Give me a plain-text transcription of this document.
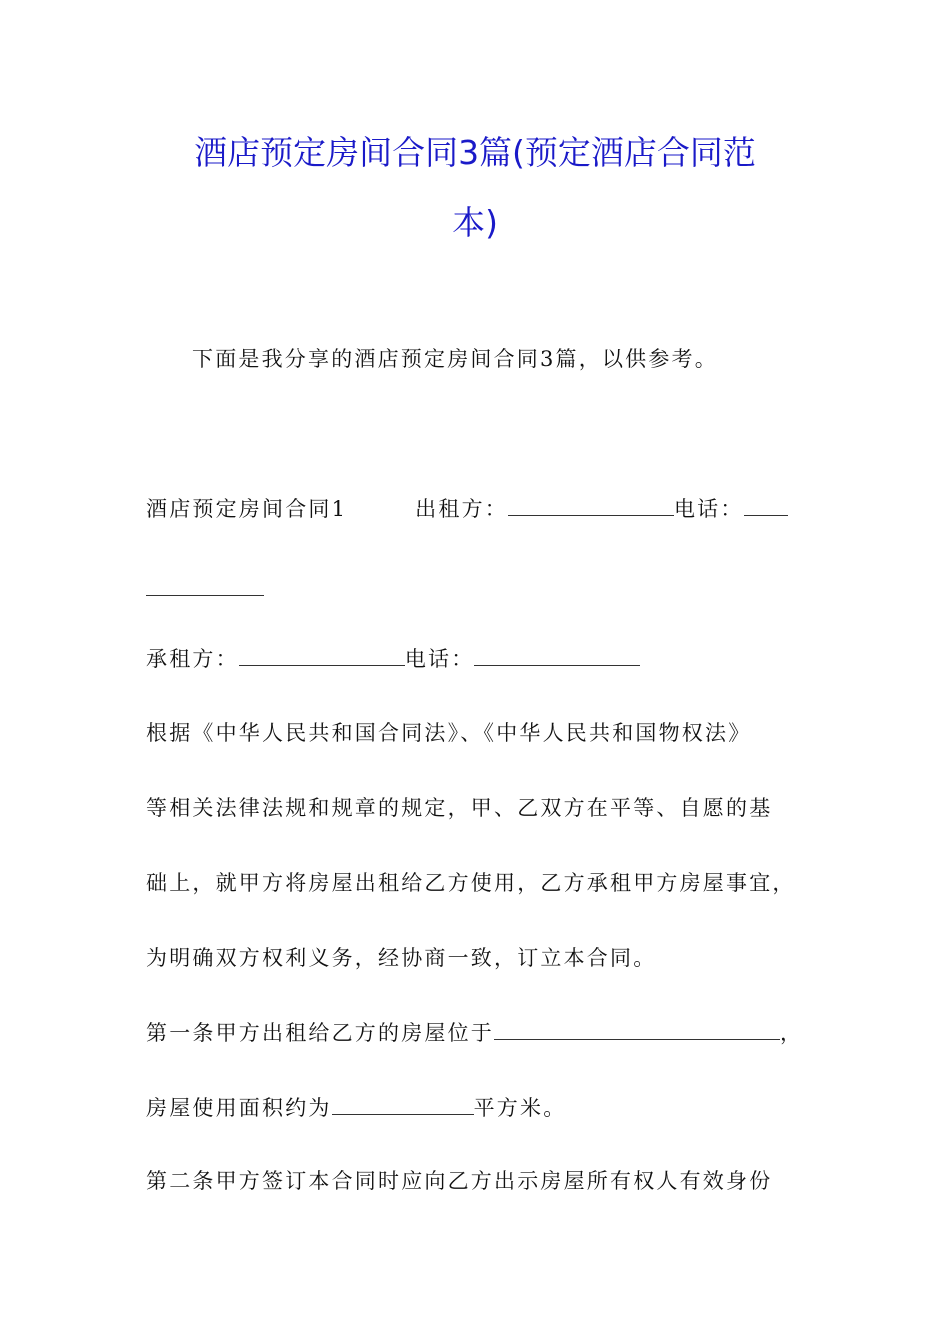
酒店预定房间合同3篇(预定酒店合同范
本)
下面是我分享的酒店预定房间合同3篇，以供参考。
酒店预定房间合同1	出租方：	电话：
承租方：	电话：
根据《中华人民共和国合同法》、《中华人民共和国物权法》
等相关法律法规和规章的规定，甲、乙双方在平等、自愿的基
础上，就甲方将房屋出租给乙方使用，乙方承租甲方房屋事宜，
为明确双方权利义务，经协商一致，订立本合同。
第一条甲方出租给乙方的房屋位于	，
房屋使用面积约为	平方米。
第二条甲方签订本合同时应向乙方出示房屋所有权人有效身份
